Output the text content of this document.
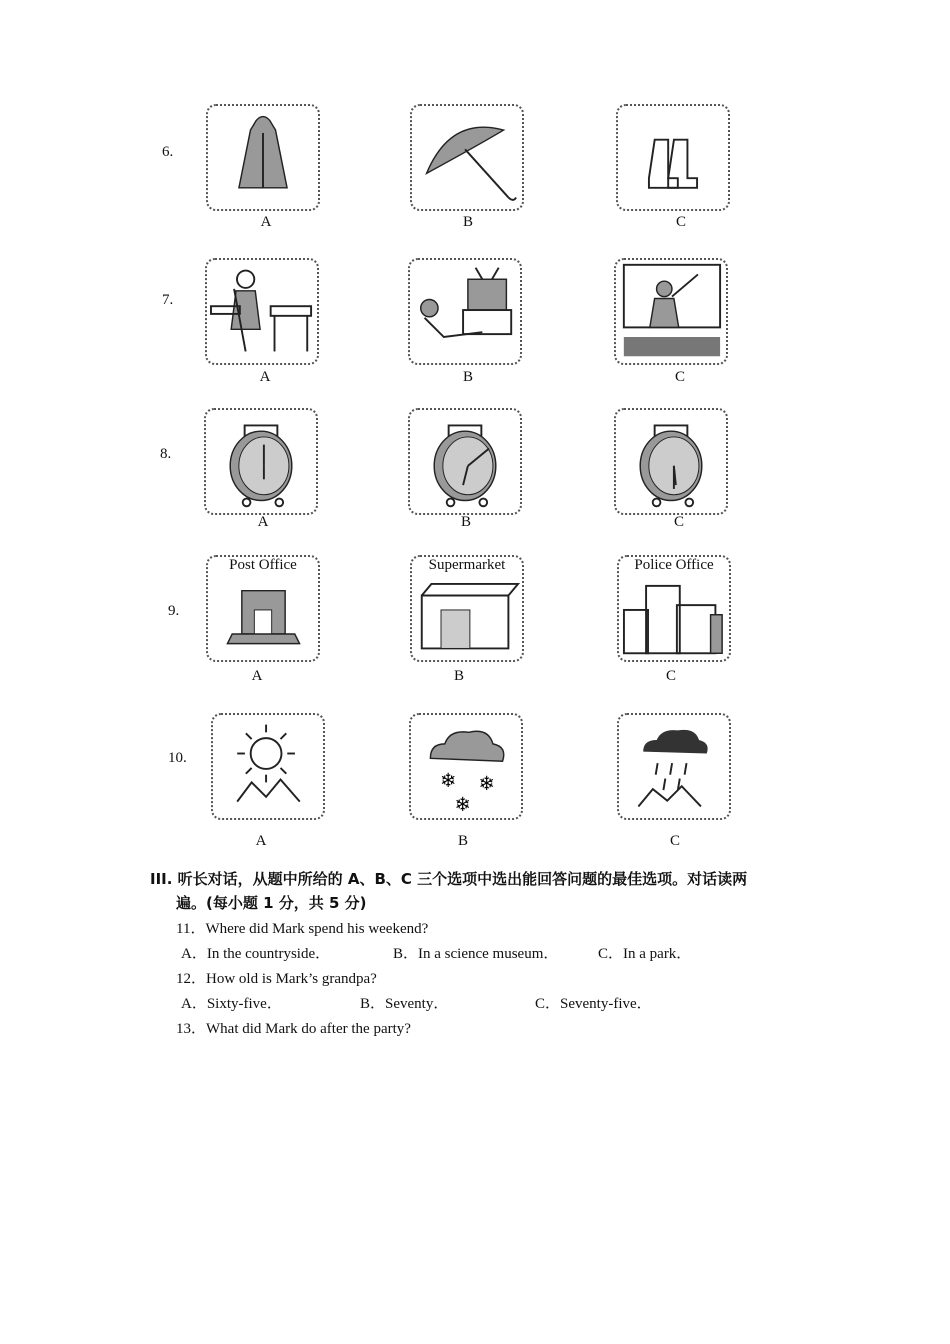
6.
A	B	C
7.
A	B	C
8.
A	B	C
9.
Post Office
A
Supermarket
B
Police Office
C
10.
A
❄ ❄
❄
B	C
III. 听长对话，从题中所给的 A、B、C 三个选项中选出能回答问题的最佳选项。对话读两
遍。(每小题 1 分，共 5 分)
11．Where did Mark spend his weekend?
A．In the countryside．	B．In a science museum．	C．In a park．
12．How old is Mark’s grandpa?
A．Sixty-five．	B．Seventy．	C．Seventy-five．
13．What did Mark do after the party?
